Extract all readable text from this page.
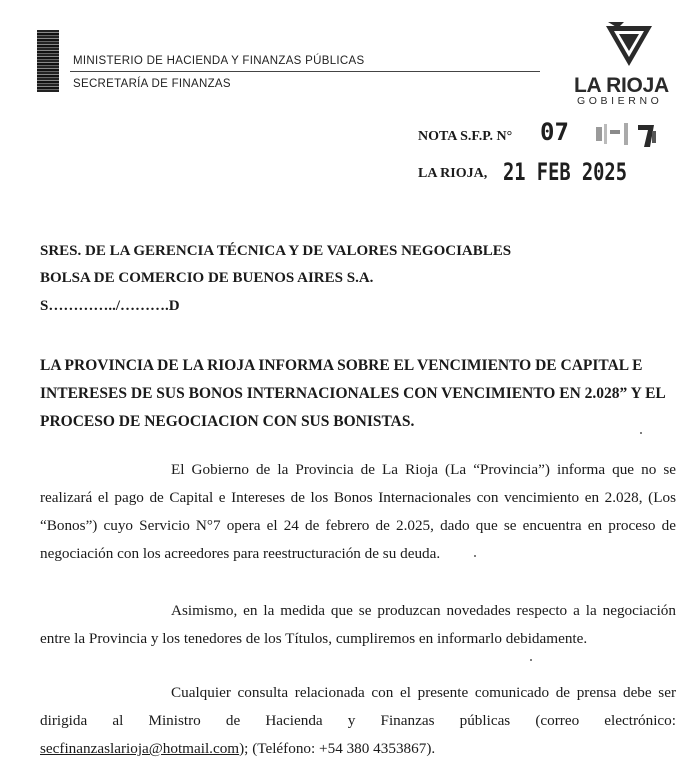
MINISTERIO DE HACIENDA Y FINANZAS PÚBLICAS
SECRETARÍA DE FINANZAS	LA RIOJA
GOBIERNO
NOTA S.F.P. N° 07
LA RIOJA, 21 FEB 2025
SRES. DE LA GERENCIA TÉCNICA Y DE VALORES NEGOCIABLES
BOLSA DE COMERCIO DE BUENOS AIRES S.A.
S…………../……….D

LA PROVINCIA DE LA RIOJA INFORMA SOBRE EL VENCIMIENTO DE CAPITAL E INTERESES DE SUS BONOS INTERNACIONALES CON VENCIMIENTO EN 2.028” Y EL PROCESO DE NEGOCIACION CON SUS BONISTAS.

El Gobierno de la Provincia de La Rioja (La “Provincia”) informa que no se realizará el pago de Capital e Intereses de los Bonos Internacionales con vencimiento en 2.028, (Los “Bonos”) cuyo Servicio N°7 opera el 24 de febrero de 2.025, dado que se encuentra en proceso de negociación con los acreedores para reestructuración de su deuda.

Asimismo, en la medida que se produzcan novedades respecto a la negociación entre la Provincia y los tenedores de los Títulos, cumpliremos en informarlo debidamente.

Cualquier consulta relacionada con el presente comunicado de prensa debe ser dirigida al Ministro de Hacienda y Finanzas públicas (correo electrónico: secfinanzaslarioja@hotmail.com); (Teléfono: +54 380 4353867).
